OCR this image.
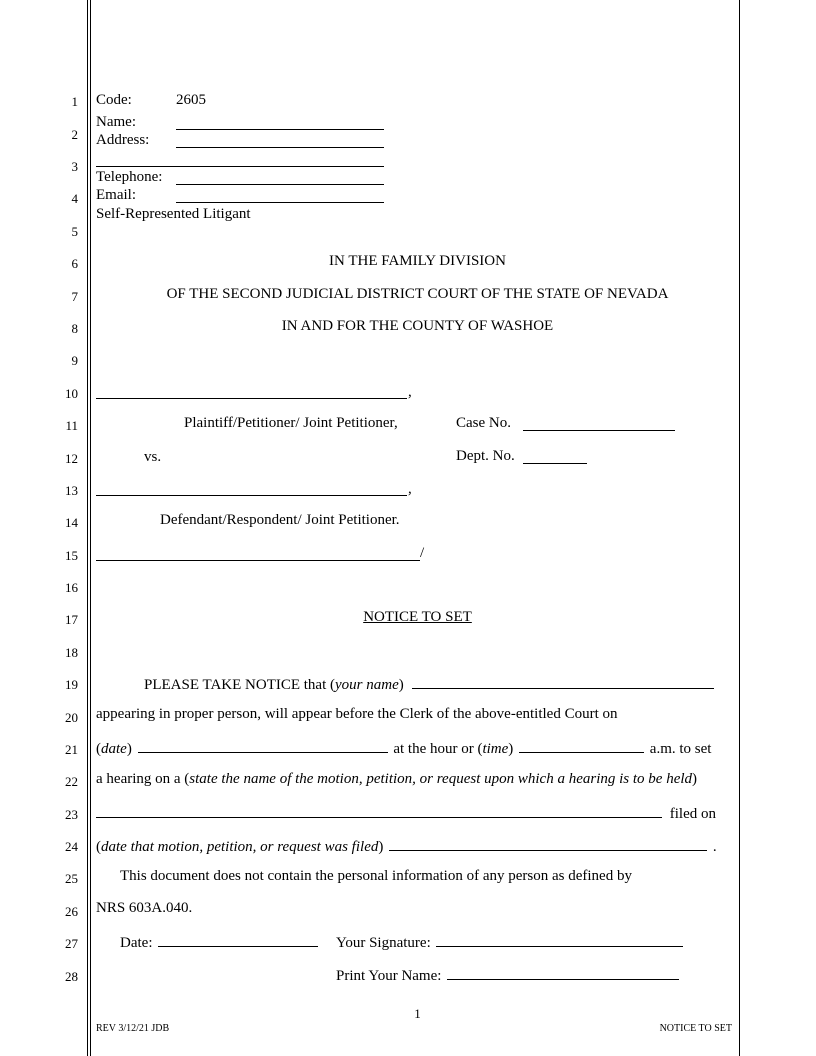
1
2
3
4
5
6
7
8
9
10
11
12
13
14
15
16
17
18
19
20
21
22
23
24
25
26
27
28
Code:	2605
Name:
Address:
Telephone:
Email:
Self-Represented Litigant
IN THE FAMILY DIVISION
OF THE SECOND JUDICIAL DISTRICT COURT OF THE STATE OF NEVADA
IN AND FOR THE COUNTY OF WASHOE
,
Plaintiff/Petitioner/ Joint Petitioner,	Case No.
vs.	Dept. No.
,
Defendant/Respondent/ Joint Petitioner.
/
NOTICE TO SET
PLEASE TAKE NOTICE that (your name)
appearing in proper person, will appear before the Clerk of the above-entitled Court on
(date)	at the hour or (time)	a.m. to set
a hearing on a (state the name of the motion, petition, or request upon which a hearing is to be held)
filed on
(date that motion, petition, or request was filed)	.
This document does not contain the personal information of any person as defined by
NRS 603A.040.
Date:	Your Signature:
Print Your Name:
1
REV 3/12/21 JDB	NOTICE TO SET
